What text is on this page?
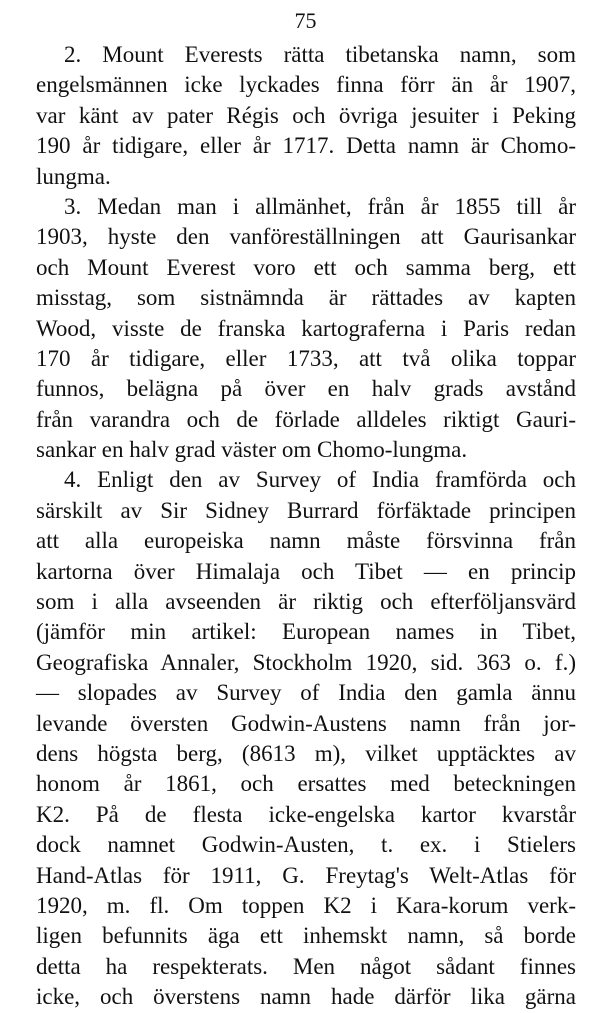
75
2. Mount Everests rätta tibetanska namn, som
engelsmännen icke lyckades finna förr än år 1907,
var känt av pater Régis och övriga jesuiter i Peking
190 år tidigare, eller år 1717. Detta namn är Chomo-
lungma.
3. Medan man i allmänhet, från år 1855 till år
1903, hyste den vanföreställningen att Gaurisankar
och Mount Everest voro ett och samma berg, ett
misstag, som sistnämnda är rättades av kapten
Wood, visste de franska kartograferna i Paris redan
170 år tidigare, eller 1733, att två olika toppar
funnos, belägna på över en halv grads avstånd
från varandra och de förlade alldeles riktigt Gauri-
sankar en halv grad väster om Chomo-lungma.
4. Enligt den av Survey of India framförda och
särskilt av Sir Sidney Burrard förfäktade principen
att alla europeiska namn måste försvinna från
kartorna över Himalaja och Tibet — en princip
som i alla avseenden är riktig och efterföljansvärd
(jämför min artikel: European names in Tibet,
Geografiska Annaler, Stockholm 1920, sid. 363 o. f.)
— slopades av Survey of India den gamla ännu
levande översten Godwin-Austens namn från jor-
dens högsta berg, (8613 m), vilket upptäcktes av
honom år 1861, och ersattes med beteckningen
K2. På de flesta icke-engelska kartor kvarstår
dock namnet Godwin-Austen, t. ex. i Stielers
Hand-Atlas för 1911, G. Freytag's Welt-Atlas för
1920, m. fl. Om toppen K2 i Kara-korum verk-
ligen befunnits äga ett inhemskt namn, så borde
detta ha respekterats. Men något sådant finnes
icke, och överstens namn hade därför lika gärna
